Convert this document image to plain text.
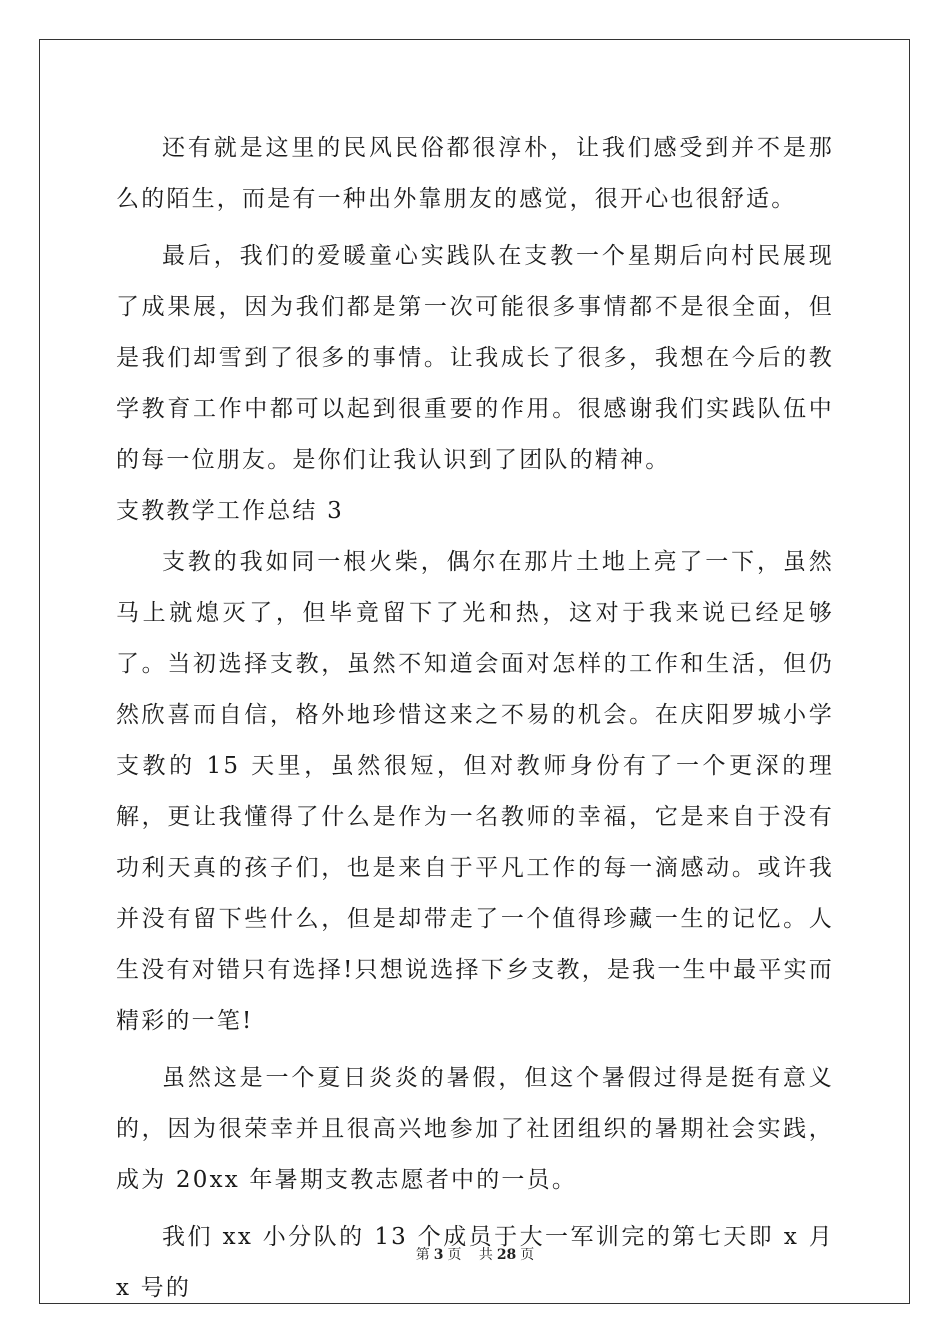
还有就是这里的民风民俗都很淳朴，让我们感受到并不是那么的陌生，而是有一种出外靠朋友的感觉，很开心也很舒适。

最后，我们的爱暖童心实践队在支教一个星期后向村民展现了成果展，因为我们都是第一次可能很多事情都不是很全面，但是我们却雪到了很多的事情。让我成长了很多，我想在今后的教学教育工作中都可以起到很重要的作用。很感谢我们实践队伍中的每一位朋友。是你们让我认识到了团队的精神。

支教教学工作总结 3

支教的我如同一根火柴，偶尔在那片土地上亮了一下，虽然马上就熄灭了，但毕竟留下了光和热，这对于我来说已经足够了。当初选择支教，虽然不知道会面对怎样的工作和生活，但仍然欣喜而自信，格外地珍惜这来之不易的机会。在庆阳罗城小学支教的 15 天里，虽然很短，但对教师身份有了一个更深的理解，更让我懂得了什么是作为一名教师的幸福，它是来自于没有功利天真的孩子们，也是来自于平凡工作的每一滴感动。或许我并没有留下些什么，但是却带走了一个值得珍藏一生的记忆。人生没有对错只有选择!只想说选择下乡支教，是我一生中最平实而精彩的一笔!

虽然这是一个夏日炎炎的暑假，但这个暑假过得是挺有意义的，因为很荣幸并且很高兴地参加了社团组织的暑期社会实践，成为 20xx 年暑期支教志愿者中的一员。

我们 xx 小分队的 13 个成员于大一军训完的第七天即 x 月 x 号的

第 3 页 共 28 页
